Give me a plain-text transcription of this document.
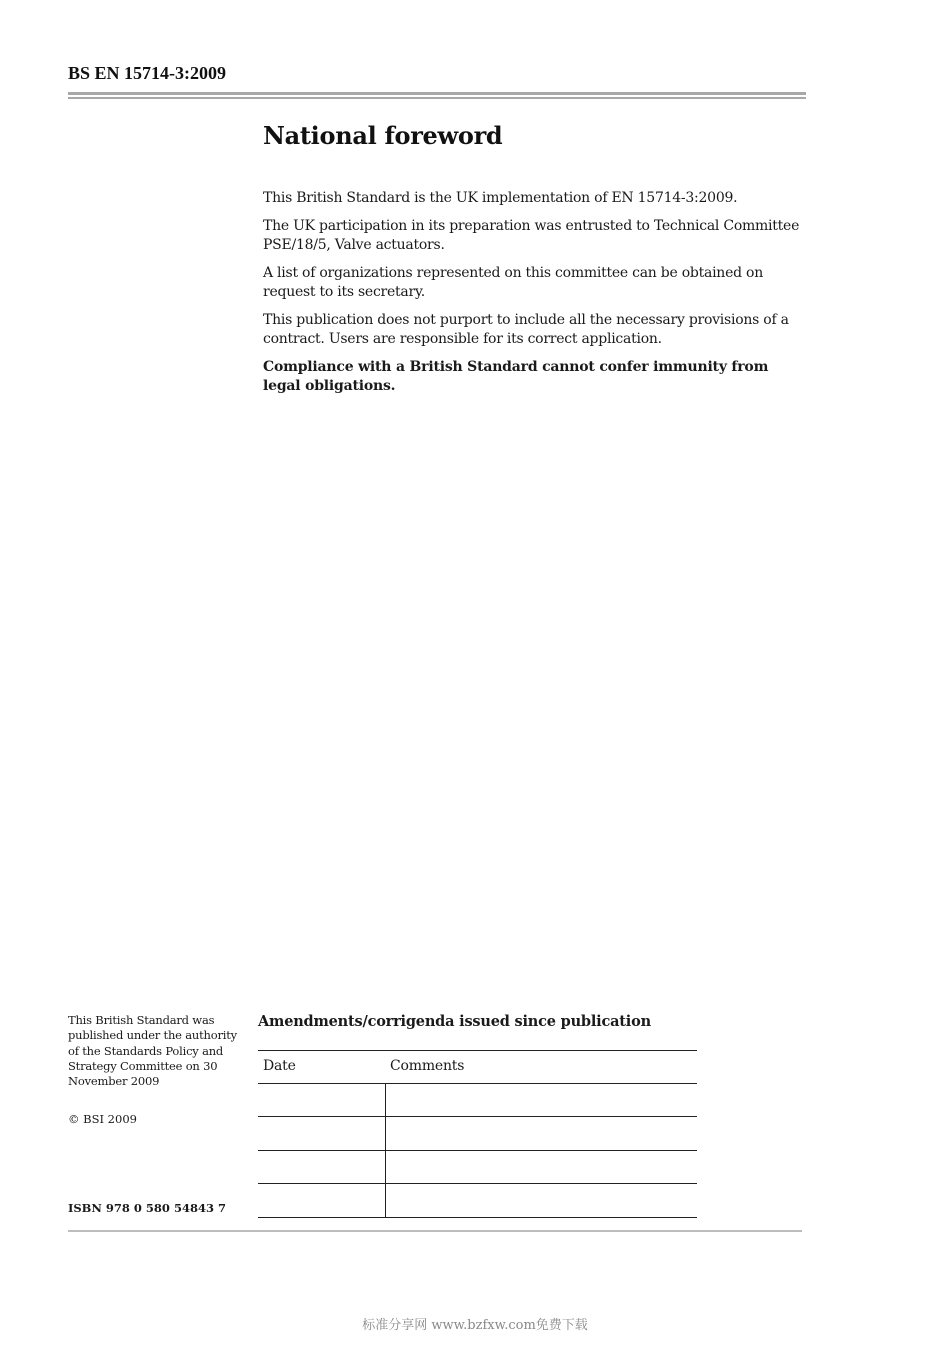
BS EN 15714-3:2009
National foreword

This British Standard is the UK implementation of EN 15714-3:2009.

The UK participation in its preparation was entrusted to Technical Committee PSE/18/5, Valve actuators.

A list of organizations represented on this committee can be obtained on request to its secretary.

This publication does not purport to include all the necessary provisions of a contract. Users are responsible for its correct application.

Compliance with a British Standard cannot confer immunity from legal obligations.

This British Standard was published under the authority of the Standards Policy and Strategy Committee on 30 November 2009
© BSI 2009
ISBN 978 0 580 54843 7
Amendments/corrigenda issued since publication
Date	Comments
标准分享网 www.bzfxw.com免费下载
